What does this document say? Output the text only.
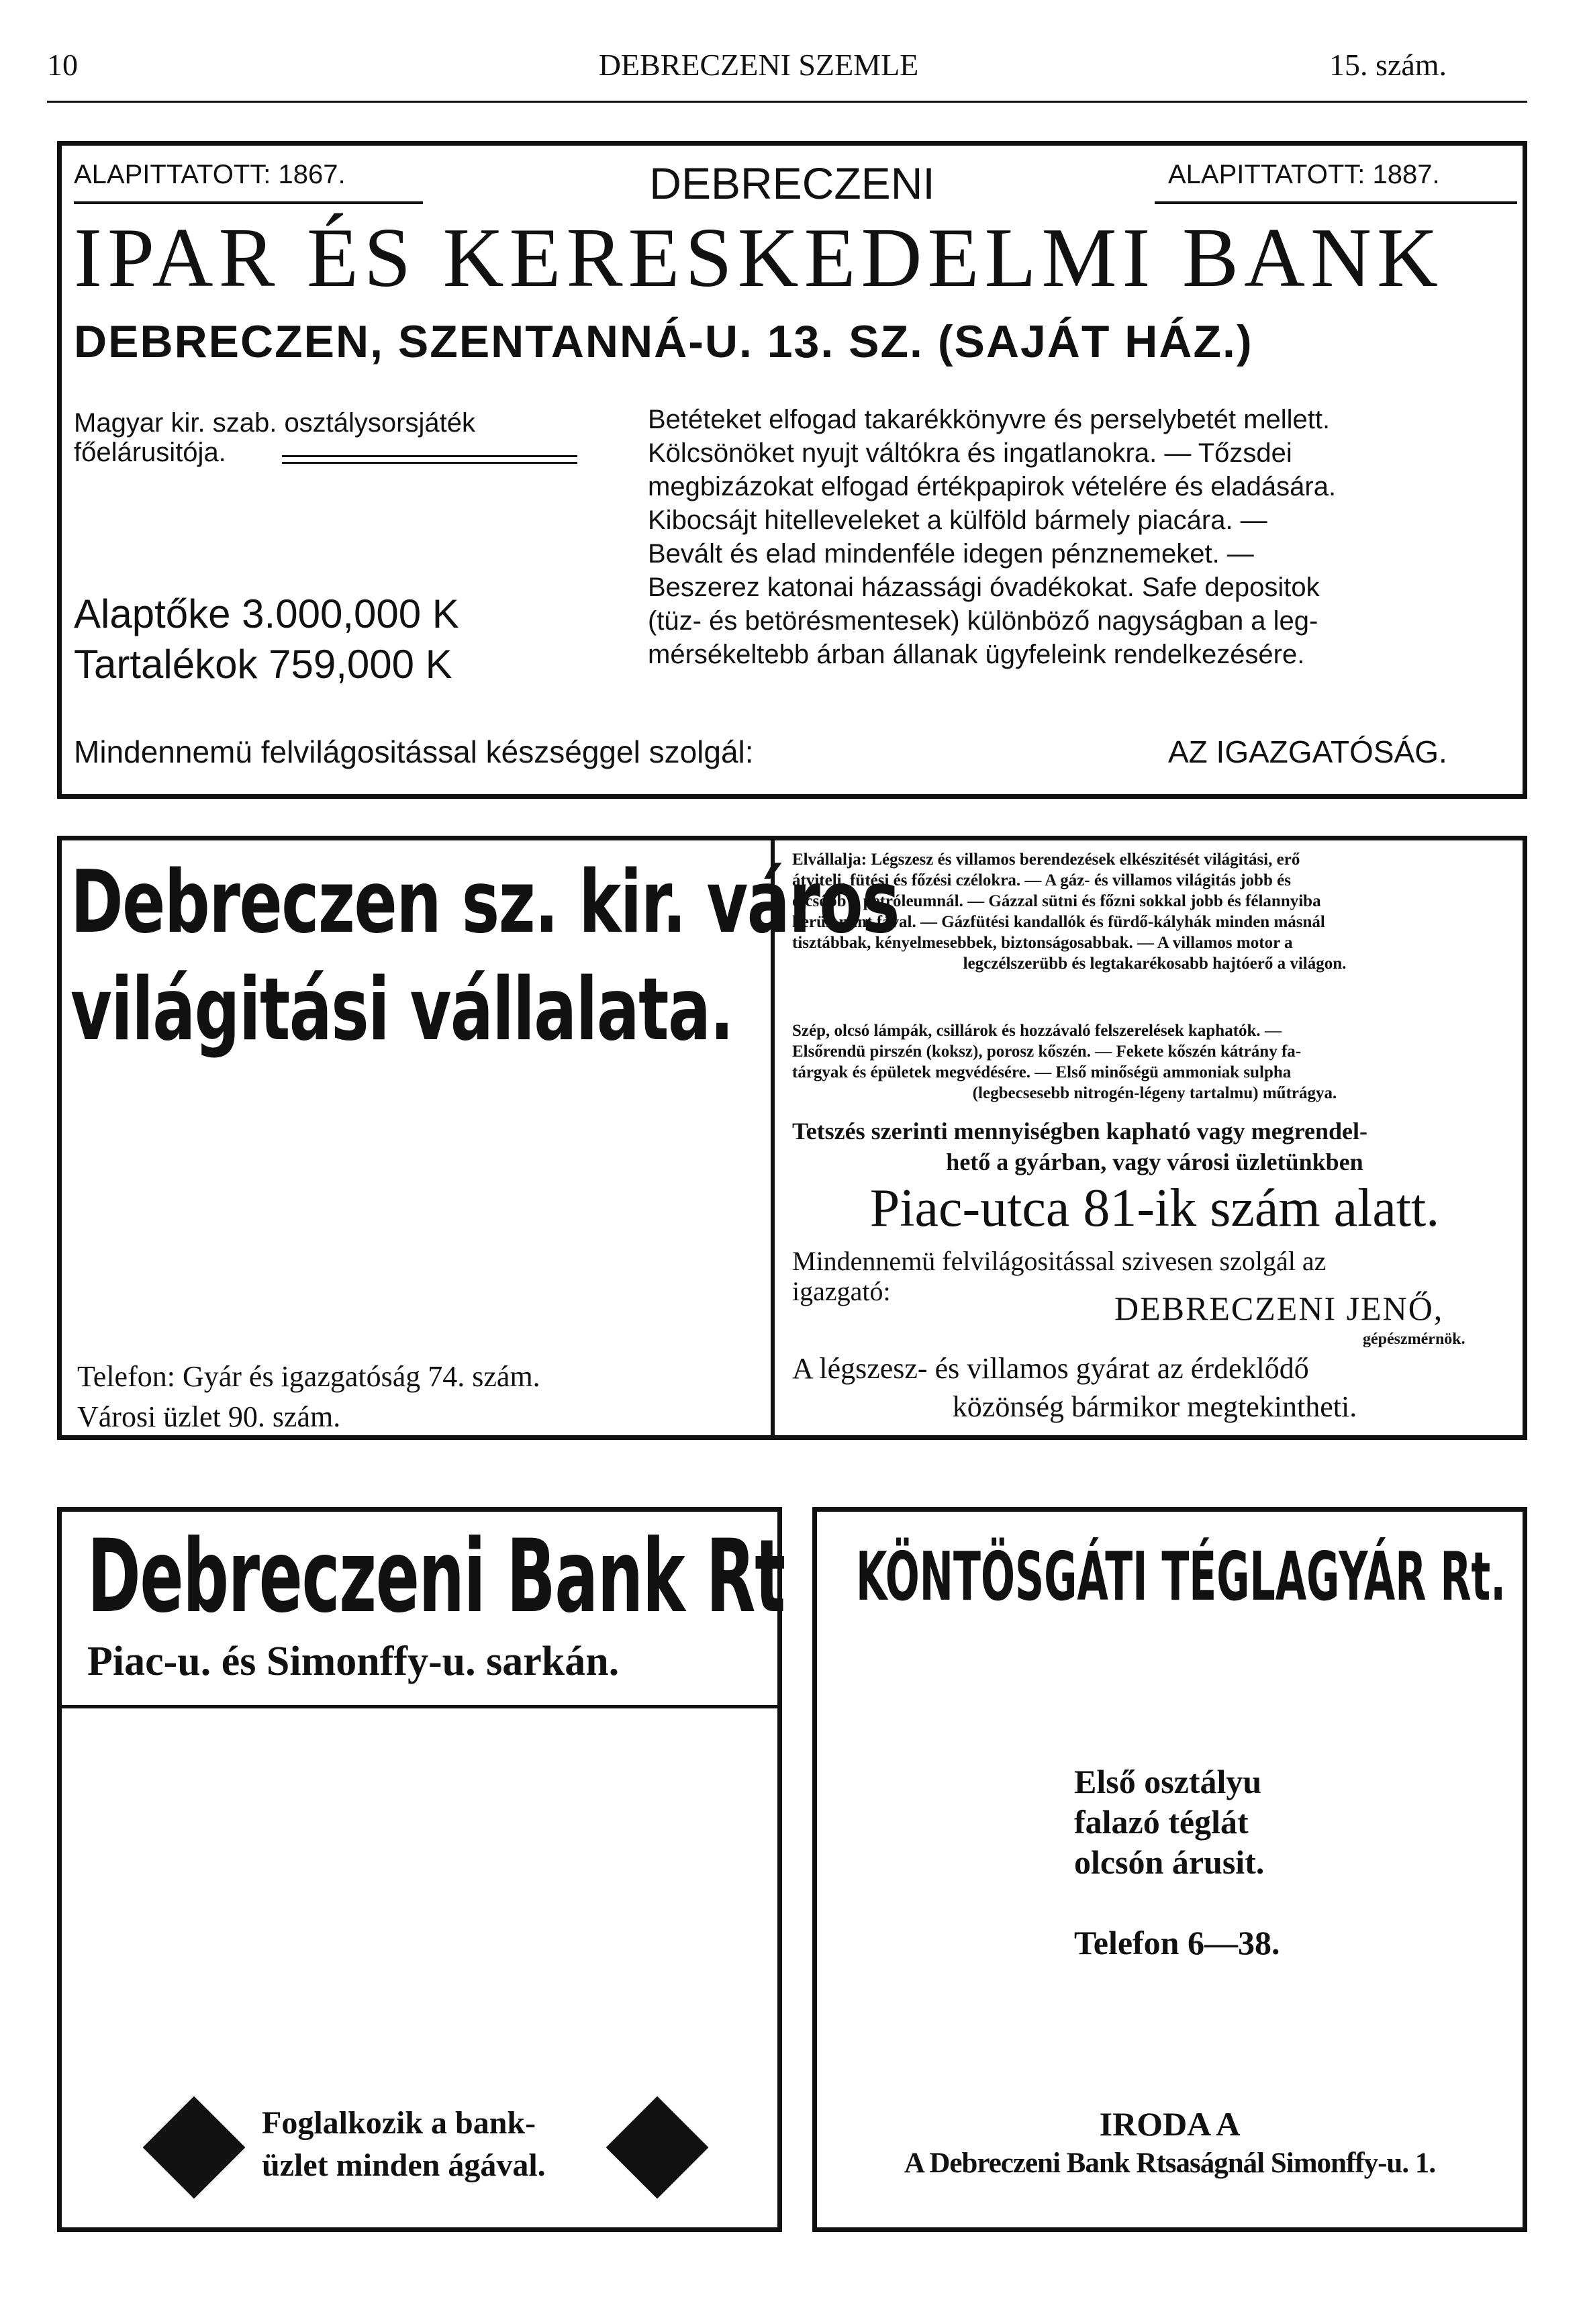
10	DEBRECZENI SZEMLE	15. szám.
ALAPITTATOTT: 1867.	DEBRECZENI	ALAPITTATOTT: 1887.
IPAR ÉS KERESKEDELMI BANK
DEBRECZEN, SZENTANNÁ-U. 13. SZ. (SAJÁT HÁZ.)
Magyar kir. szab. osztálysorsjáték
főelárusitója.
Alaptőke 3.000,000 K
Tartalékok 759,000 K
Betéteket elfogad takarékkönyvre és perselybetét mellett.
Kölcsönöket nyujt váltókra és ingatlanokra. — Tőzsdei
megbizázokat elfogad értékpapirok vételére és eladására.
Kibocsájt hitelleveleket a külföld bármely piacára. —
Bevált és elad mindenféle idegen pénznemeket. —
Beszerez katonai házassági óvadékokat. Safe depositok
(tüz- és betörésmentesek) különböző nagyságban a leg-
mérsékeltebb árban állanak ügyfeleink rendelkezésére.
Mindennemü felvilágositással készséggel szolgál:	AZ IGAZGATÓSÁG.
Debreczen sz. kir. város
világitási vállalata.
Telefon: Gyár és igazgatóság 74. szám.
Városi üzlet 90. szám.
Elvállalja: Légszesz és villamos berendezések elkészitését világitási, erő
átviteli, fütési és főzési czélokra. — A gáz- és villamos világitás jobb és
olcsóbb a petróleumnál. — Gázzal sütni és főzni sokkal jobb és félannyiba
kerül, mint fával. — Gázfütési kandallók és fürdő-kályhák minden másnál
tisztábbak, kényelmesebbek, biztonságosabbak. — A villamos motor a
legczélszerübb és legtakarékosabb hajtóerő a világon.
Szép, olcsó lámpák, csillárok és hozzávaló felszerelések kaphatók. —
Elsőrendü pirszén (koksz), porosz kőszén. — Fekete kőszén kátrány fa-
tárgyak és épületek megvédésére. — Első minőségü ammoniak sulpha
(legbecsesebb nitrogén-légeny tartalmu) műtrágya.
Tetszés szerinti mennyiségben kapható vagy megrendel-
hető a gyárban, vagy városi üzletünkben
Piac-utca 81-ik szám alatt.
Mindennemü felvilágositással szivesen szolgál az
igazgató:	DEBRECZENI JENŐ,
gépészmérnök.
A légszesz- és villamos gyárat az érdeklődő
közönség bármikor megtekintheti.
Debreczeni Bank Rt
Piac-u. és Simonffy-u. sarkán.
Foglalkozik a bank-
üzlet minden ágával.
KÖNTÖSGÁTI TÉGLAGYÁR Rt.
Első osztályu
falazó téglát
olcsón árusit.
Telefon 6—38.
IRODA A
A Debreczeni Bank Rtsaságnál Simonffy-u. 1.
